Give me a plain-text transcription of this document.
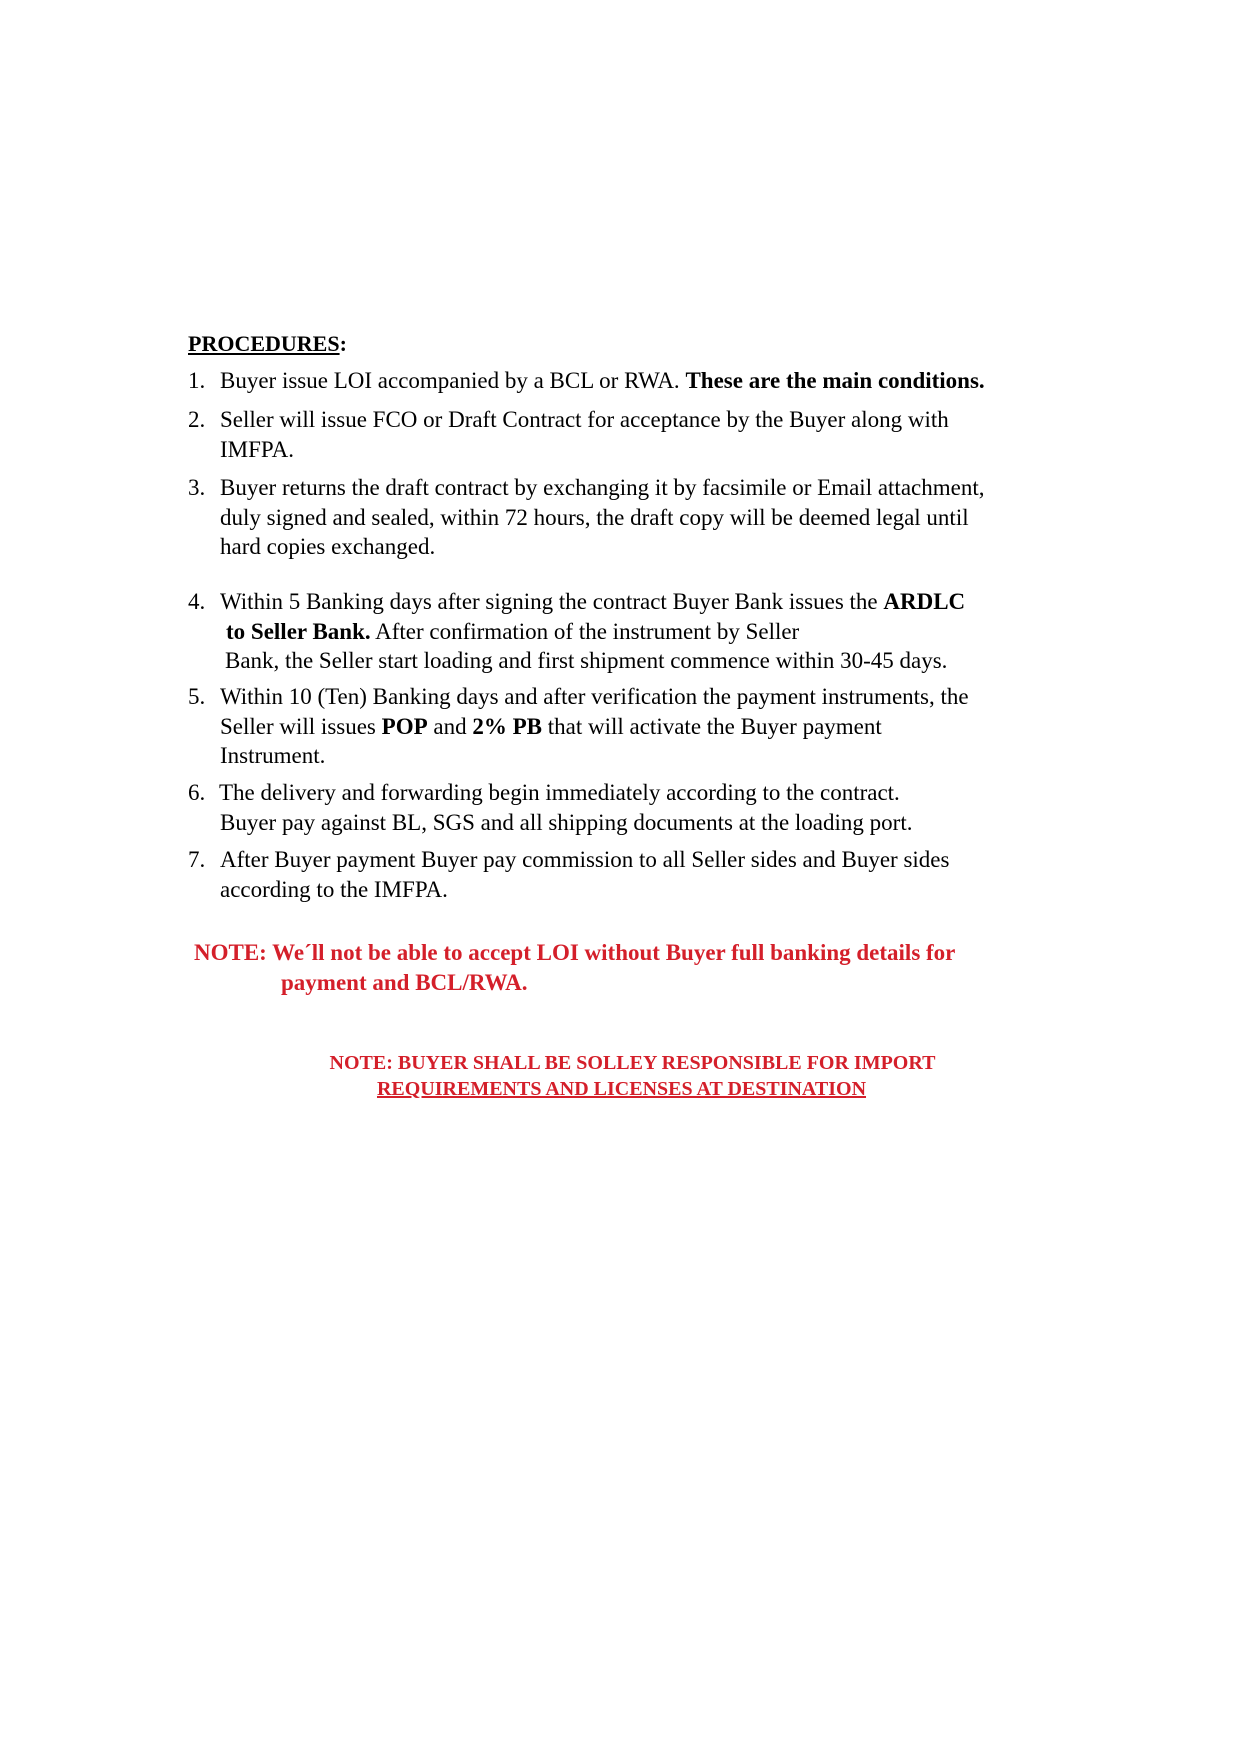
PROCEDURES:
1. Buyer issue LOI accompanied by a BCL or RWA. These are the main conditions.
2. Seller will issue FCO or Draft Contract for acceptance by the Buyer along with
IMFPA.
3. Buyer returns the draft contract by exchanging it by facsimile or Email attachment,
duly signed and sealed, within 72 hours, the draft copy will be deemed legal until
hard copies exchanged.
4. Within 5 Banking days after signing the contract Buyer Bank issues the ARDLC
to Seller Bank. After confirmation of the instrument by Seller
Bank, the Seller start loading and first shipment commence within 30-45 days.
5. Within 10 (Ten) Banking days and after verification the payment instruments, the
Seller will issues POP and 2% PB that will activate the Buyer payment
Instrument.
6. The delivery and forwarding begin immediately according to the contract.
Buyer pay against BL, SGS and all shipping documents at the loading port.
7. After Buyer payment Buyer pay commission to all Seller sides and Buyer sides
according to the IMFPA.
NOTE: We´ll not be able to accept LOI without Buyer full banking details for
payment and BCL/RWA.
NOTE: BUYER SHALL BE SOLLEY RESPONSIBLE FOR IMPORT
REQUIREMENTS AND LICENSES AT DESTINATION
